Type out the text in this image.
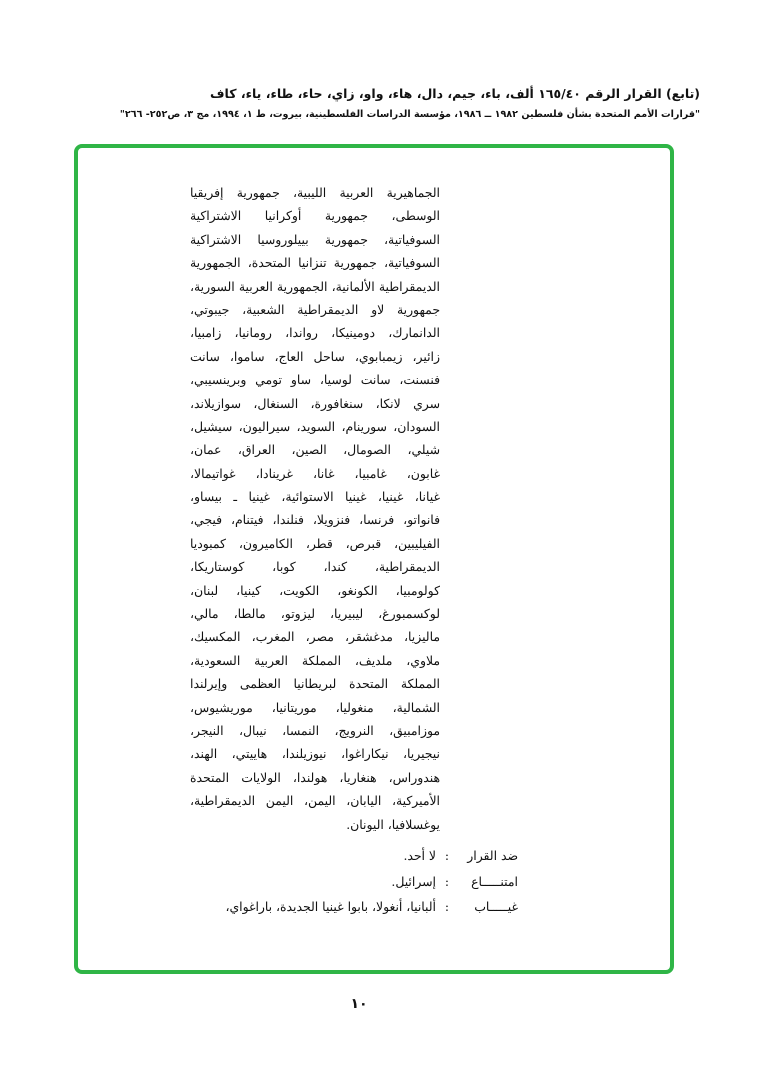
(تابع) القرار الرقم ١٦٥/٤٠ ألف، باء، جيم، دال، هاء، واو، زاي، حاء، طاء، ياء، كاف
"قرارات الأمم المتحدة بشأن فلسطين ١٩٨٢ ــ ١٩٨٦، مؤسسة الدراسات الفلسطينية، بيروت، ط ١، ١٩٩٤، مج ٣، ص٢٥٢- ٢٦٦"
الجماهيرية العربية الليبية، جمهورية إفريقيا
الوسطى، جمهورية أوكرانيا الاشتراكية
السوفياتية، جمهورية بييلوروسيا الاشتراكية
السوفياتية، جمهورية تنزانيا المتحدة، الجمهورية
الديمقراطية الألمانية، الجمهورية العربية السورية،
جمهورية لاو الديمقراطية الشعبية، جيبوتي،
الدانمارك، دومينيكا، رواندا، رومانيا، زامبيا،
زائير، زيمبابوي، ساحل العاج، ساموا، سانت
فنسنت، سانت لوسيا، ساو تومي وبرينسيبي،
سري لانكا، سنغافورة، السنغال، سوازيلاند،
السودان، سورينام، السويد، سيراليون، سيشيل،
شيلي، الصومال، الصين، العراق، عمان،
غابون، غامبيا، غانا، غرينادا، غواتيمالا،
غيانا، غينيا، غينيا الاستوائية، غينيا ـ بيساو،
فانواتو، فرنسا، فنزويلا، فنلندا، فيتنام، فيجي،
الفيليبين، قبرص، قطر، الكاميرون، كمبوديا
الديمقراطية، كندا، كوبا، كوستاريكا،
كولومبيا، الكونغو، الكويت، كينيا، لبنان،
لوكسمبورغ، ليبيريا، ليزوتو، مالطا، مالي،
ماليزيا، مدغشقر، مصر، المغرب، المكسيك،
ملاوي، ملديف، المملكة العربية السعودية،
المملكة المتحدة لبريطانيا العظمى وإيرلندا
الشمالية، منغوليا، موريتانيا، موريشيوس،
موزامبيق، النرويج، النمسا، نيبال، النيجر،
نيجيريا، نيكاراغوا، نيوزيلندا، هاييتي، الهند،
هندوراس، هنغاريا، هولندا، الولايات المتحدة
الأميركية، اليابان، اليمن، اليمن الديمقراطية،
يوغسلافيا، اليونان.
ضد القرار:لا أحد.
امتنـــــاع:إسرائيل.
غيـــــاب:ألبانيا، أنغولا، بابوا غينيا الجديدة، باراغواي،
١٠
